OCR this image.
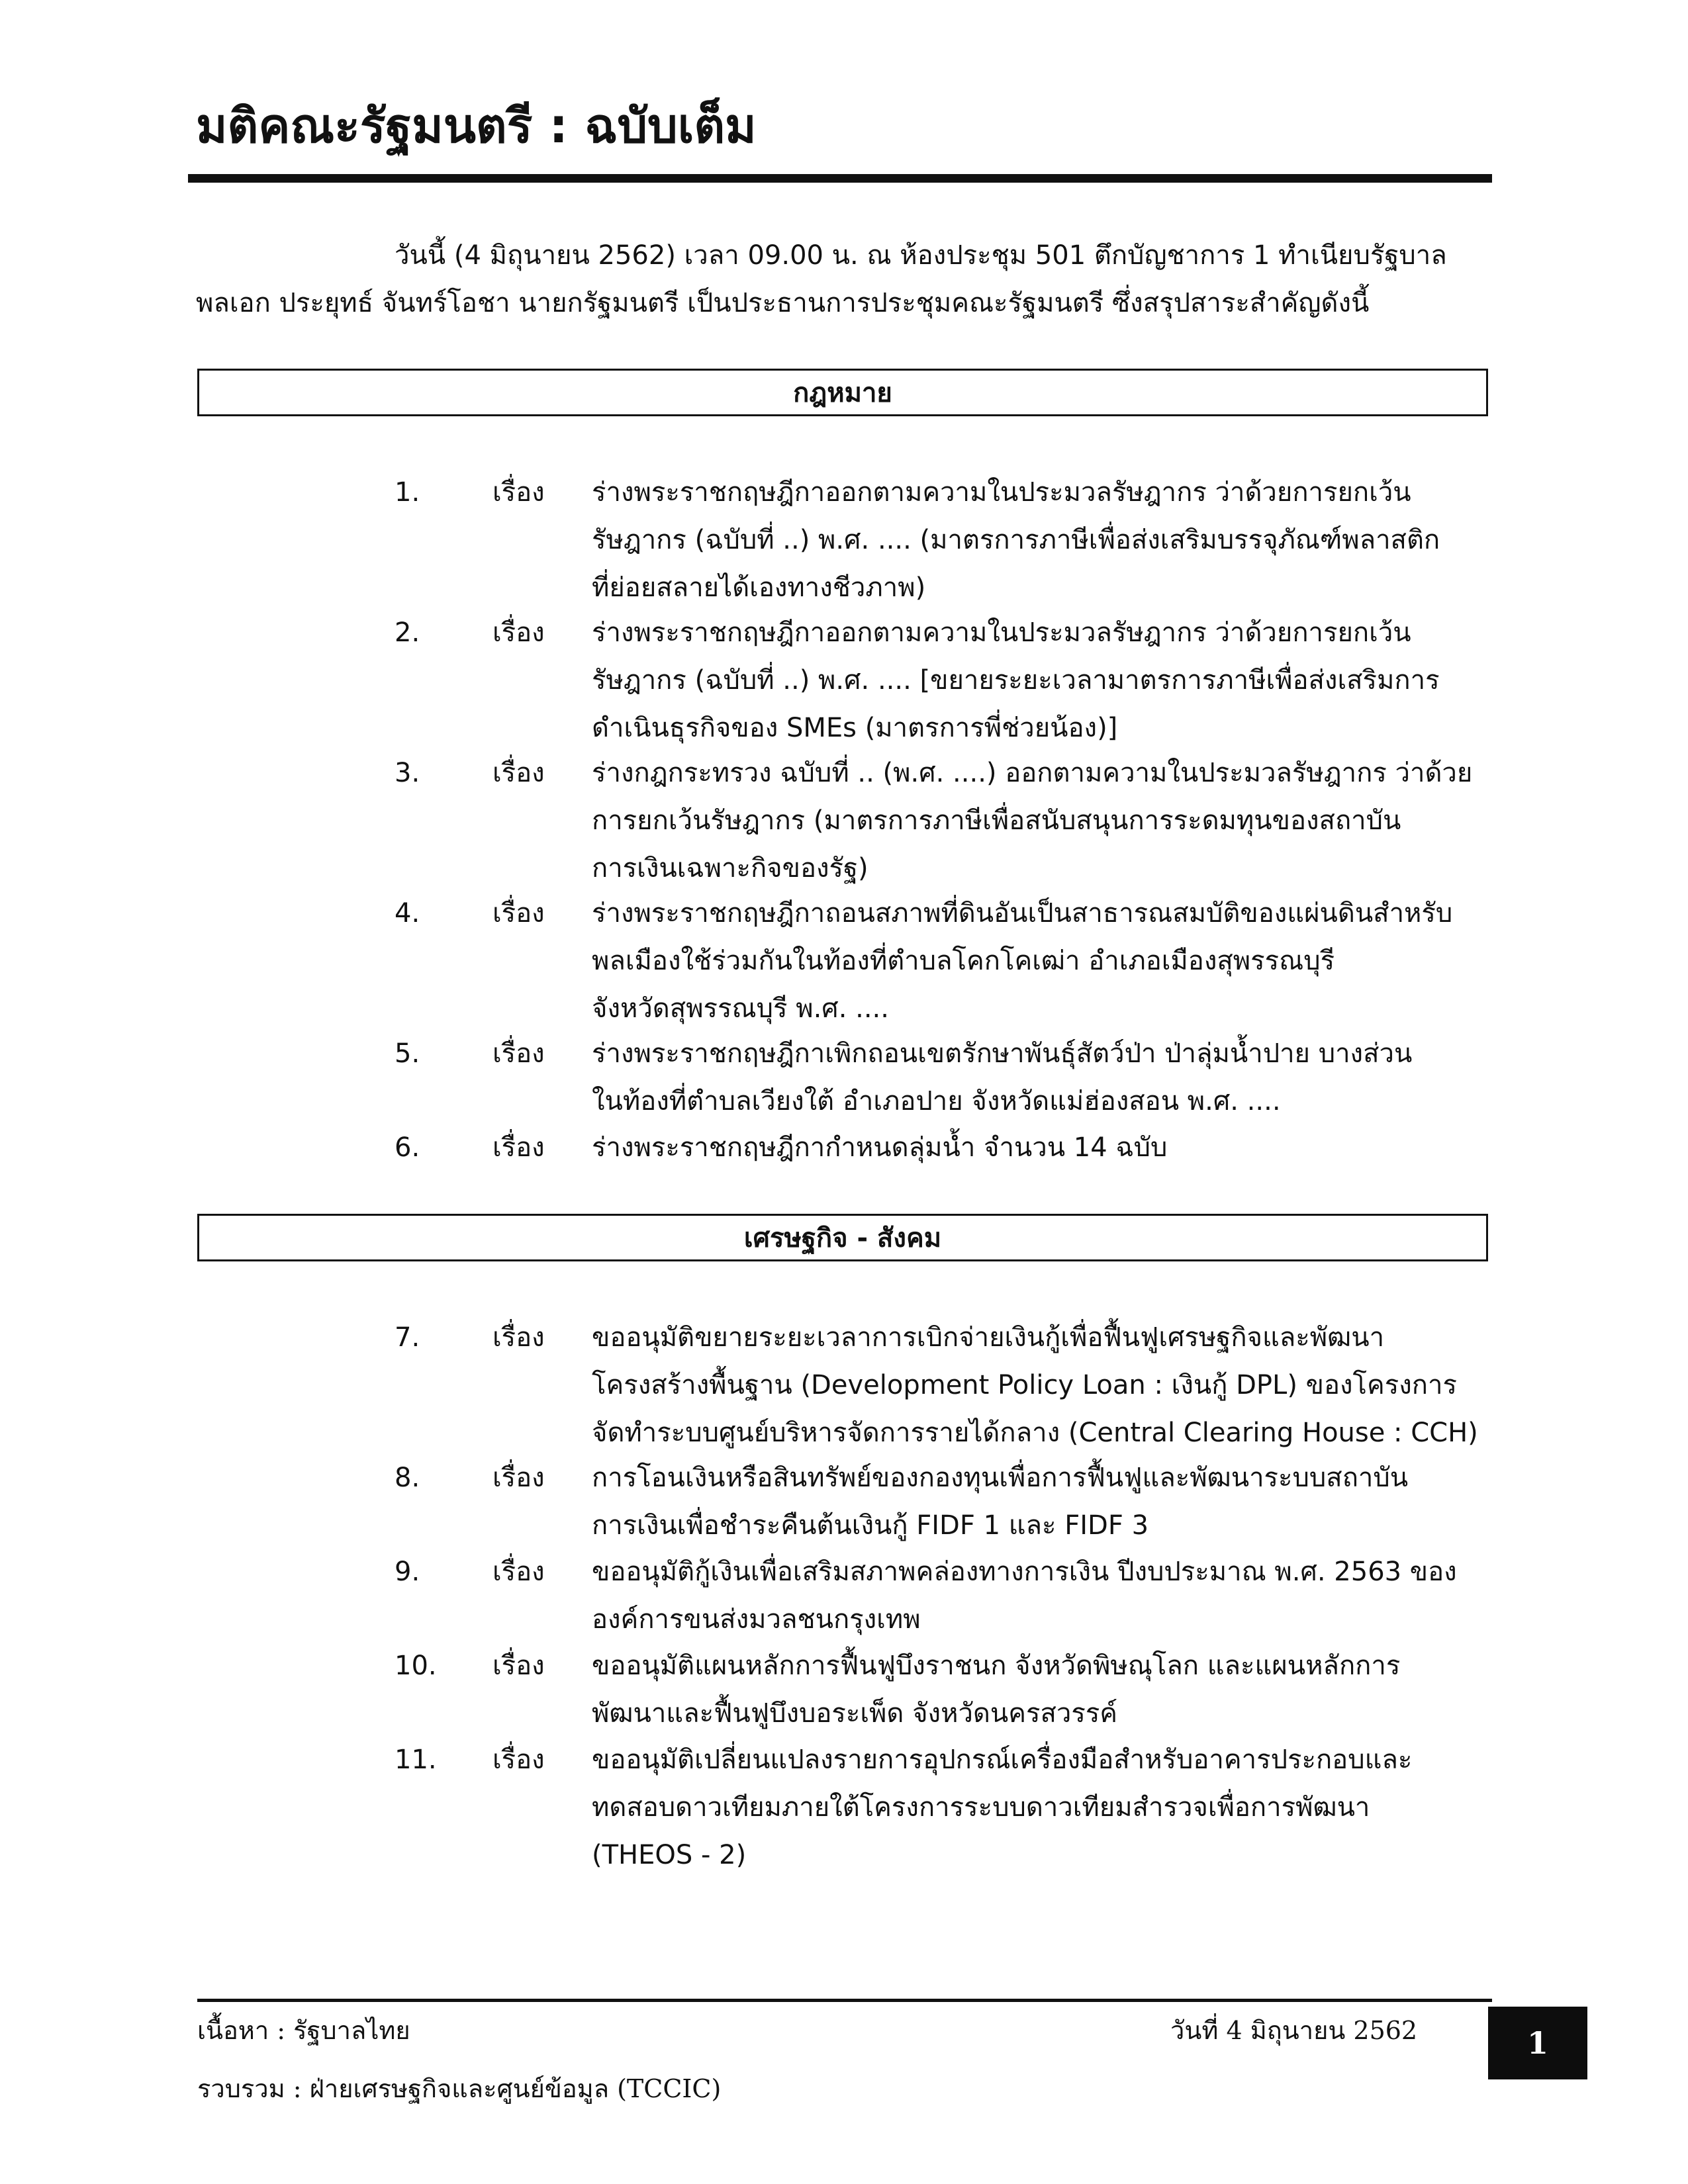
มติคณะรัฐมนตรี : ฉบับเต็ม
วันนี้ (4 มิถุนายน 2562) เวลา 09.00 น. ณ ห้องประชุม 501 ตึกบัญชาการ 1 ทำเนียบรัฐบาล
พลเอก ประยุทธ์ จันทร์โอชา นายกรัฐมนตรี เป็นประธานการประชุมคณะรัฐมนตรี ซึ่งสรุปสาระสำคัญดังนี้
กฎหมาย
1.	เรื่อง ร่างพระราชกฤษฎีกาออกตามความในประมวลรัษฎากร ว่าด้วยการยกเว้น
รัษฎากร (ฉบับที่ ..) พ.ศ. .... (มาตรการภาษีเพื่อส่งเสริมบรรจุภัณฑ์พลาสติก
ที่ย่อยสลายได้เองทางชีวภาพ)
2.	เรื่อง ร่างพระราชกฤษฎีกาออกตามความในประมวลรัษฎากร ว่าด้วยการยกเว้น
รัษฎากร (ฉบับที่ ..) พ.ศ. .... [ขยายระยะเวลามาตรการภาษีเพื่อส่งเสริมการ
ดำเนินธุรกิจของ SMEs (มาตรการพี่ช่วยน้อง)]
3.	เรื่อง ร่างกฎกระทรวง ฉบับที่ .. (พ.ศ. ....) ออกตามความในประมวลรัษฎากร ว่าด้วย
การยกเว้นรัษฎากร (มาตรการภาษีเพื่อสนับสนุนการระดมทุนของสถาบัน
การเงินเฉพาะกิจของรัฐ)
4.	เรื่อง ร่างพระราชกฤษฎีกาถอนสภาพที่ดินอันเป็นสาธารณสมบัติของแผ่นดินสำหรับ
พลเมืองใช้ร่วมกันในท้องที่ตำบลโคกโคเฒ่า อำเภอเมืองสุพรรณบุรี
จังหวัดสุพรรณบุรี พ.ศ. ....
5.	เรื่อง ร่างพระราชกฤษฎีกาเพิกถอนเขตรักษาพันธุ์สัตว์ป่า ป่าลุ่มน้ำปาย บางส่วน
ในท้องที่ตำบลเวียงใต้ อำเภอปาย จังหวัดแม่ฮ่องสอน พ.ศ. ....
6.	เรื่อง ร่างพระราชกฤษฎีกากำหนดลุ่มน้ำ จำนวน 14 ฉบับ
เศรษฐกิจ - สังคม
7.	เรื่อง ขออนุมัติขยายระยะเวลาการเบิกจ่ายเงินกู้เพื่อฟื้นฟูเศรษฐกิจและพัฒนา
โครงสร้างพื้นฐาน (Development Policy Loan : เงินกู้ DPL) ของโครงการ
จัดทำระบบศูนย์บริหารจัดการรายได้กลาง (Central Clearing House : CCH)
8.	เรื่อง การโอนเงินหรือสินทรัพย์ของกองทุนเพื่อการฟื้นฟูและพัฒนาระบบสถาบัน
การเงินเพื่อชำระคืนต้นเงินกู้ FIDF 1 และ FIDF 3
9.	เรื่อง ขออนุมัติกู้เงินเพื่อเสริมสภาพคล่องทางการเงิน ปีงบประมาณ พ.ศ. 2563 ของ
องค์การขนส่งมวลชนกรุงเทพ
10. เรื่อง ขออนุมัติแผนหลักการฟื้นฟูบึงราชนก จังหวัดพิษณุโลก และแผนหลักการ
พัฒนาและฟื้นฟูบึงบอระเพ็ด จังหวัดนครสวรรค์
11. เรื่อง ขออนุมัติเปลี่ยนแปลงรายการอุปกรณ์เครื่องมือสำหรับอาคารประกอบและ
ทดสอบดาวเทียมภายใต้โครงการระบบดาวเทียมสำรวจเพื่อการพัฒนา
(THEOS - 2)
เนื้อหา : รัฐบาลไทย	วันที่ 4 มิถุนายน 2562
รวบรวม : ฝ่ายเศรษฐกิจและศูนย์ข้อมูล (TCCIC)
1
